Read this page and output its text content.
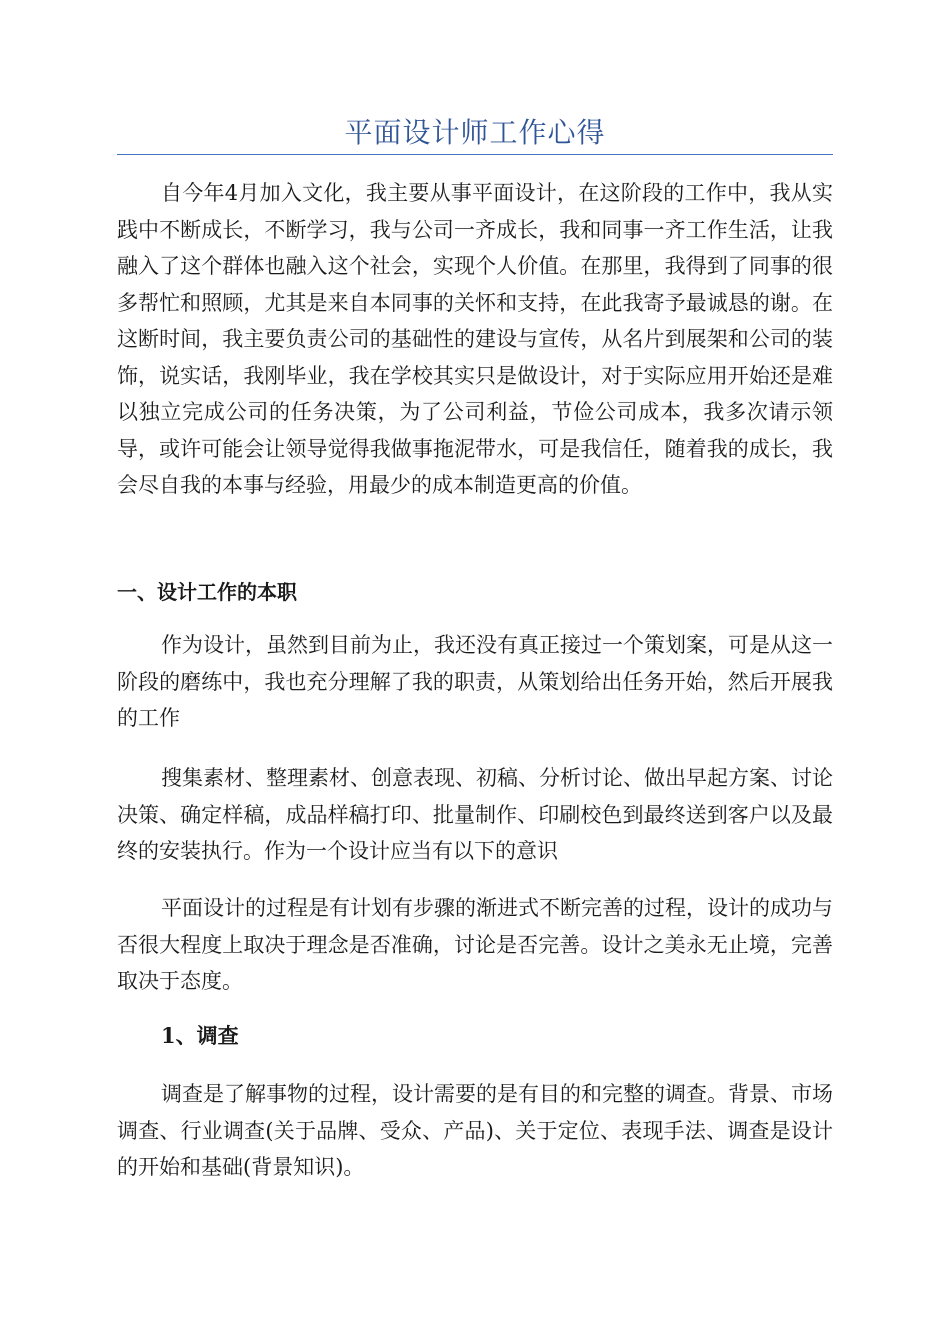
平面设计师工作心得

自今年4月加入文化，我主要从事平面设计，在这阶段的工作中，我从实践中不断成长，不断学习，我与公司一齐成长，我和同事一齐工作生活，让我融入了这个群体也融入这个社会，实现个人价值。在那里，我得到了同事的很多帮忙和照顾，尤其是来自本同事的关怀和支持，在此我寄予最诚恳的谢。在这断时间，我主要负责公司的基础性的建设与宣传，从名片到展架和公司的装饰，说实话，我刚毕业，我在学校其实只是做设计，对于实际应用开始还是难以独立完成公司的任务决策，为了公司利益，节俭公司成本，我多次请示领导，或许可能会让领导觉得我做事拖泥带水，可是我信任，随着我的成长，我会尽自我的本事与经验，用最少的成本制造更高的价值。

一、设计工作的本职

作为设计，虽然到目前为止，我还没有真正接过一个策划案，可是从这一阶段的磨练中，我也充分理解了我的职责，从策划给出任务开始，然后开展我的工作

搜集素材、整理素材、创意表现、初稿、分析讨论、做出早起方案、讨论决策、确定样稿，成品样稿打印、批量制作、印刷校色到最终送到客户以及最终的安装执行。作为一个设计应当有以下的意识

平面设计的过程是有计划有步骤的渐进式不断完善的过程，设计的成功与否很大程度上取决于理念是否准确，讨论是否完善。设计之美永无止境，完善取决于态度。

1、调查

调查是了解事物的过程，设计需要的是有目的和完整的调查。背景、市场调查、行业调查(关于品牌、受众、产品)、关于定位、表现手法、调查是设计的开始和基础(背景知识)。
